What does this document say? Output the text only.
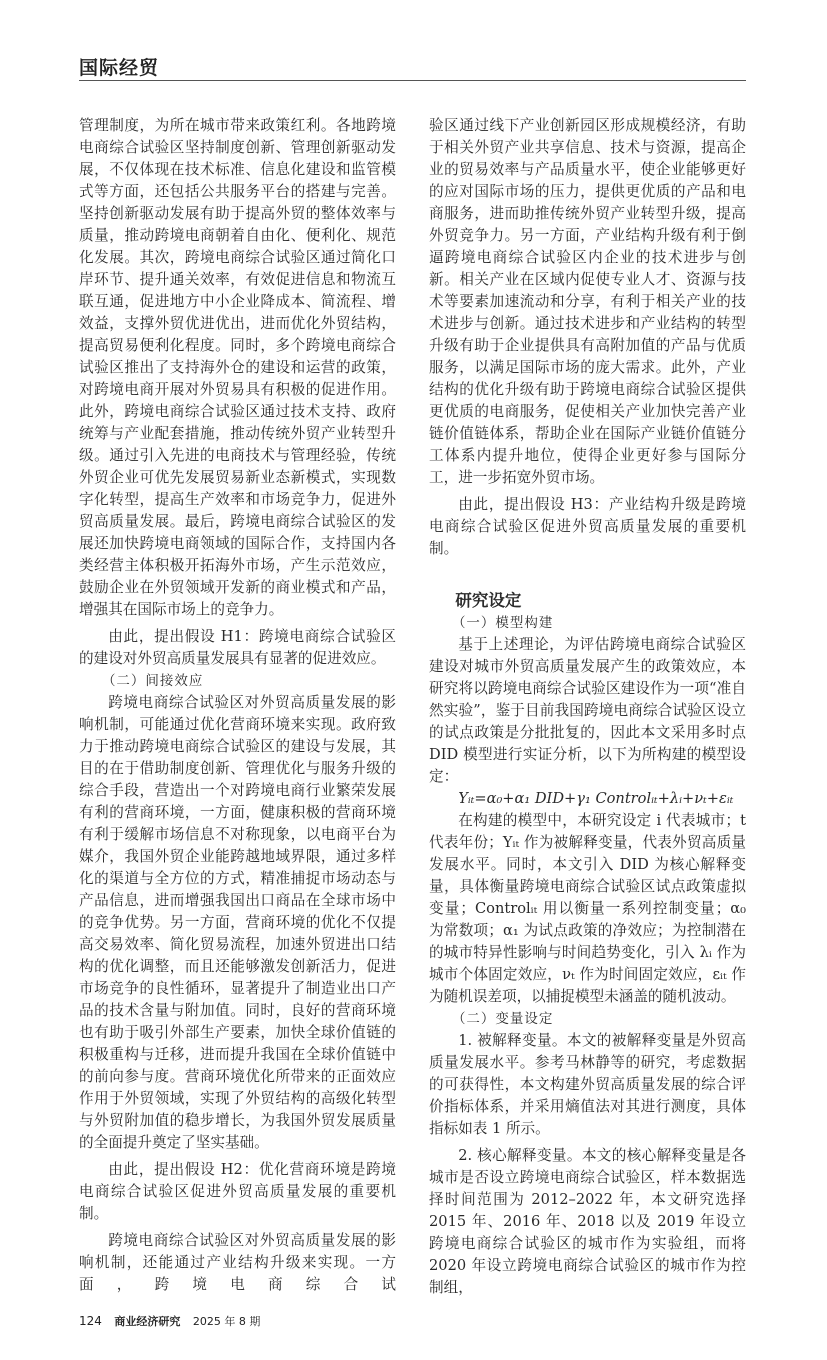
国际经贸

管理制度，为所在城市带来政策红利。各地跨境电商综合试验区坚持制度创新、管理创新驱动发展，不仅体现在技术标准、信息化建设和监管模式等方面，还包括公共服务平台的搭建与完善。坚持创新驱动发展有助于提高外贸的整体效率与质量，推动跨境电商朝着自由化、便利化、规范化发展。其次，跨境电商综合试验区通过简化口岸环节、提升通关效率，有效促进信息和物流互联互通，促进地方中小企业降成本、简流程、增效益，支撑外贸优进优出，进而优化外贸结构，提高贸易便利化程度。同时，多个跨境电商综合试验区推出了支持海外仓的建设和运营的政策，对跨境电商开展对外贸易具有积极的促进作用。此外，跨境电商综合试验区通过技术支持、政府统筹与产业配套措施，推动传统外贸产业转型升级。通过引入先进的电商技术与管理经验，传统外贸企业可优先发展贸易新业态新模式，实现数字化转型，提高生产效率和市场竞争力，促进外贸高质量发展。最后，跨境电商综合试验区的发展还加快跨境电商领域的国际合作，支持国内各类经营主体积极开拓海外市场，产生示范效应，鼓励企业在外贸领域开发新的商业模式和产品，增强其在国际市场上的竞争力。

由此，提出假设 H1：跨境电商综合试验区的建设对外贸高质量发展具有显著的促进效应。

（二）间接效应

跨境电商综合试验区对外贸高质量发展的影响机制，可能通过优化营商环境来实现。政府致力于推动跨境电商综合试验区的建设与发展，其目的在于借助制度创新、管理优化与服务升级的综合手段，营造出一个对跨境电商行业繁荣发展有利的营商环境，一方面，健康积极的营商环境有利于缓解市场信息不对称现象，以电商平台为媒介，我国外贸企业能跨越地域界限，通过多样化的渠道与全方位的方式，精准捕捉市场动态与产品信息，进而增强我国出口商品在全球市场中的竞争优势。另一方面，营商环境的优化不仅提高交易效率、简化贸易流程，加速外贸进出口结构的优化调整，而且还能够激发创新活力，促进市场竞争的良性循环，显著提升了制造业出口产品的技术含量与附加值。同时，良好的营商环境也有助于吸引外部生产要素，加快全球价值链的积极重构与迁移，进而提升我国在全球价值链中的前向参与度。营商环境优化所带来的正面效应作用于外贸领域，实现了外贸结构的高级化转型与外贸附加值的稳步增长，为我国外贸发展质量的全面提升奠定了坚实基础。

由此，提出假设 H2：优化营商环境是跨境电商综合试验区促进外贸高质量发展的重要机制。

跨境电商综合试验区对外贸高质量发展的影响机制，还能通过产业结构升级来实现。一方面，跨境电商综合试

验区通过线下产业创新园区形成规模经济，有助于相关外贸产业共享信息、技术与资源，提高企业的贸易效率与产品质量水平，使企业能够更好的应对国际市场的压力，提供更优质的产品和电商服务，进而助推传统外贸产业转型升级，提高外贸竞争力。另一方面，产业结构升级有利于倒逼跨境电商综合试验区内企业的技术进步与创新。相关产业在区域内促使专业人才、资源与技术等要素加速流动和分享，有利于相关产业的技术进步与创新。通过技术进步和产业结构的转型升级有助于企业提供具有高附加值的产品与优质服务，以满足国际市场的庞大需求。此外，产业结构的优化升级有助于跨境电商综合试验区提供更优质的电商服务，促使相关产业加快完善产业链价值链体系，帮助企业在国际产业链价值链分工体系内提升地位，使得企业更好参与国际分工，进一步拓宽外贸市场。

由此，提出假设 H3：产业结构升级是跨境电商综合试验区促进外贸高质量发展的重要机制。

研究设定
（一）模型构建

基于上述理论，为评估跨境电商综合试验区建设对城市外贸高质量发展产生的政策效应，本研究将以跨境电商综合试验区建设作为一项“准自然实验”，鉴于目前我国跨境电商综合试验区设立的试点政策是分批批复的，因此本文采用多时点 DID 模型进行实证分析，以下为所构建的模型设定：

Yᵢₜ=α₀+α₁ DID+γ₁ Controlᵢₜ+λᵢ+νₜ+εᵢₜ

在构建的模型中，本研究设定 i 代表城市；t 代表年份；Yᵢₜ 作为被解释变量，代表外贸高质量发展水平。同时，本文引入 DID 为核心解释变量，具体衡量跨境电商综合试验区试点政策虚拟变量；Controlᵢₜ 用以衡量一系列控制变量；α₀ 为常数项；α₁ 为试点政策的净效应；为控制潜在的城市特异性影响与时间趋势变化，引入 λᵢ 作为城市个体固定效应，νₜ 作为时间固定效应，εᵢₜ 作为随机误差项，以捕捉模型未涵盖的随机波动。

（二）变量设定

1. 被解释变量。本文的被解释变量是外贸高质量发展水平。参考马林静等的研究，考虑数据的可获得性，本文构建外贸高质量发展的综合评价指标体系，并采用熵值法对其进行测度，具体指标如表 1 所示。

2. 核心解释变量。本文的核心解释变量是各城市是否设立跨境电商综合试验区，样本数据选择时间范围为 2012–2022 年，本文研究选择 2015 年、2016 年、2018 以及 2019 年设立跨境电商综合试验区的城市作为实验组，而将 2020 年设立跨境电商综合试验区的城市作为控制组，

124 商业经济研究 2025 年 8 期
